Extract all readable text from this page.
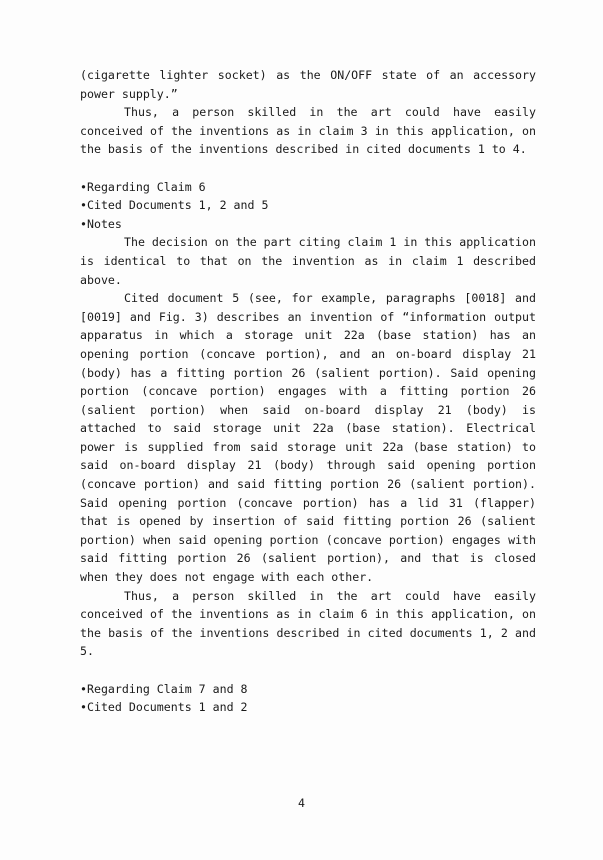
(cigarette lighter socket) as the ON/OFF state of an accessory power supply.”

Thus, a person skilled in the art could have easily conceived of the inventions as in claim 3 in this application, on the basis of the inventions described in cited documents 1 to 4.

•Regarding Claim 6

•Cited Documents 1, 2 and 5

•Notes

The decision on the part citing claim 1 in this application is identical to that on the invention as in claim 1 described above.

Cited document 5 (see, for example, paragraphs [0018] and [0019] and Fig. 3) describes an invention of “information output apparatus in which a storage unit 22a (base station) has an opening portion (concave portion), and an on-board display 21 (body) has a fitting portion 26 (salient portion). Said opening portion (concave portion) engages with a fitting portion 26 (salient portion) when said on-board display 21 (body) is attached to said storage unit 22a (base station). Electrical power is supplied from said storage unit 22a (base station) to said on-board display 21 (body) through said opening portion (concave portion) and said fitting portion 26 (salient portion). Said opening portion (concave portion) has a lid 31 (flapper) that is opened by insertion of said fitting portion 26 (salient portion) when said opening portion (concave portion) engages with said fitting portion 26 (salient portion), and that is closed when they does not engage with each other.

Thus, a person skilled in the art could have easily conceived of the inventions as in claim 6 in this application, on the basis of the inventions described in cited documents 1, 2 and 5.

•Regarding Claim 7 and 8

•Cited Documents 1 and 2

4
